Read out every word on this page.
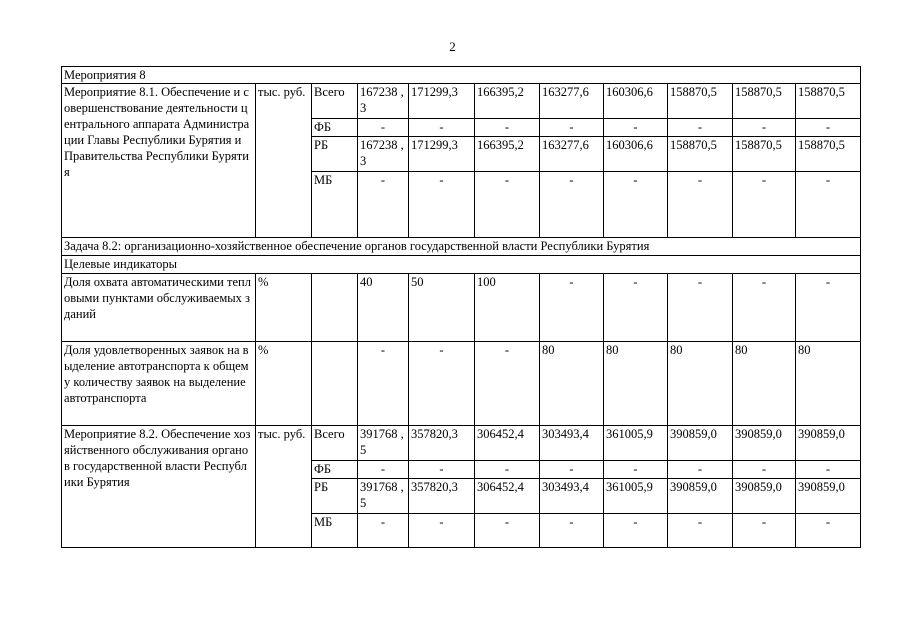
2
Мероприятия 8										
Мероприятие 8.1. Обеспечение и совершенствование деятельности центрального аппарата Администрации Главы Республики Бурятия и Правительства Республики Бурятия	тыс. руб.	Всего	167238 ,3	171299,3	166395,2	163277,6	160306,6	158870,5	158870,5	158870,5
		ФБ	-	-	-	-	-	-	-	-
		РБ	167238 ,3	171299,3	166395,2	163277,6	160306,6	158870,5	158870,5	158870,5
		МБ	-	-	-	-	-	-	-	-
Задача 8.2: организационно-хозяйственное обеспечение органов государственной власти Республики Бурятия										
Целевые индикаторы										
Доля охвата автоматическими тепловыми пунктами обслуживаемых зданий	%		40	50	100	-	-	-	-	-
Доля удовлетворенных заявок на выделение автотранспорта к общему количеству заявок на выделение автотранспорта	%		-	-	-	80	80	80	80	80
Мероприятие 8.2. Обеспечение хозяйственного обслуживания органов государственной власти Республики Бурятия	тыс. руб.	Всего	391768 ,5	357820,3	306452,4	303493,4	361005,9	390859,0	390859,0	390859,0
		ФБ	-	-	-	-	-	-	-	-
		РБ	391768 ,5	357820,3	306452,4	303493,4	361005,9	390859,0	390859,0	390859,0
		МБ	-	-	-	-	-	-	-	-
